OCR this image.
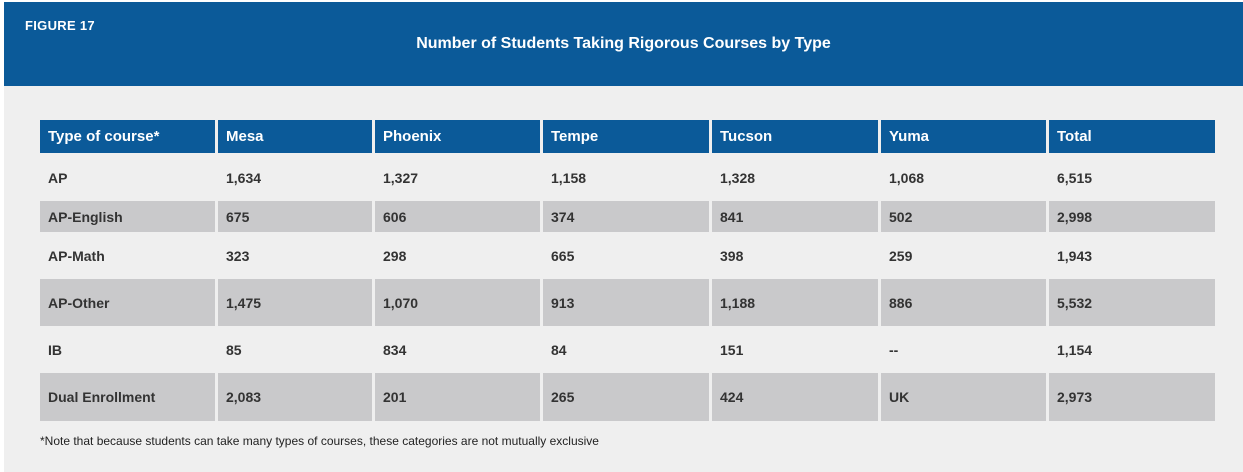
FIGURE 17
Number of Students Taking Rigorous Courses by Type
Type of course*	Mesa	Phoenix	Tempe	Tucson	Yuma	Total
AP	1,634	1,327	1,158	1,328	1,068	6,515
AP-English	675	606	374	841	502	2,998
AP-Math	323	298	665	398	259	1,943
AP-Other	1,475	1,070	913	1,188	886	5,532
IB	85	834	84	151	--	1,154
Dual Enrollment	2,083	201	265	424	UK	2,973
*Note that because students can take many types of courses, these categories are not mutually exclusive
